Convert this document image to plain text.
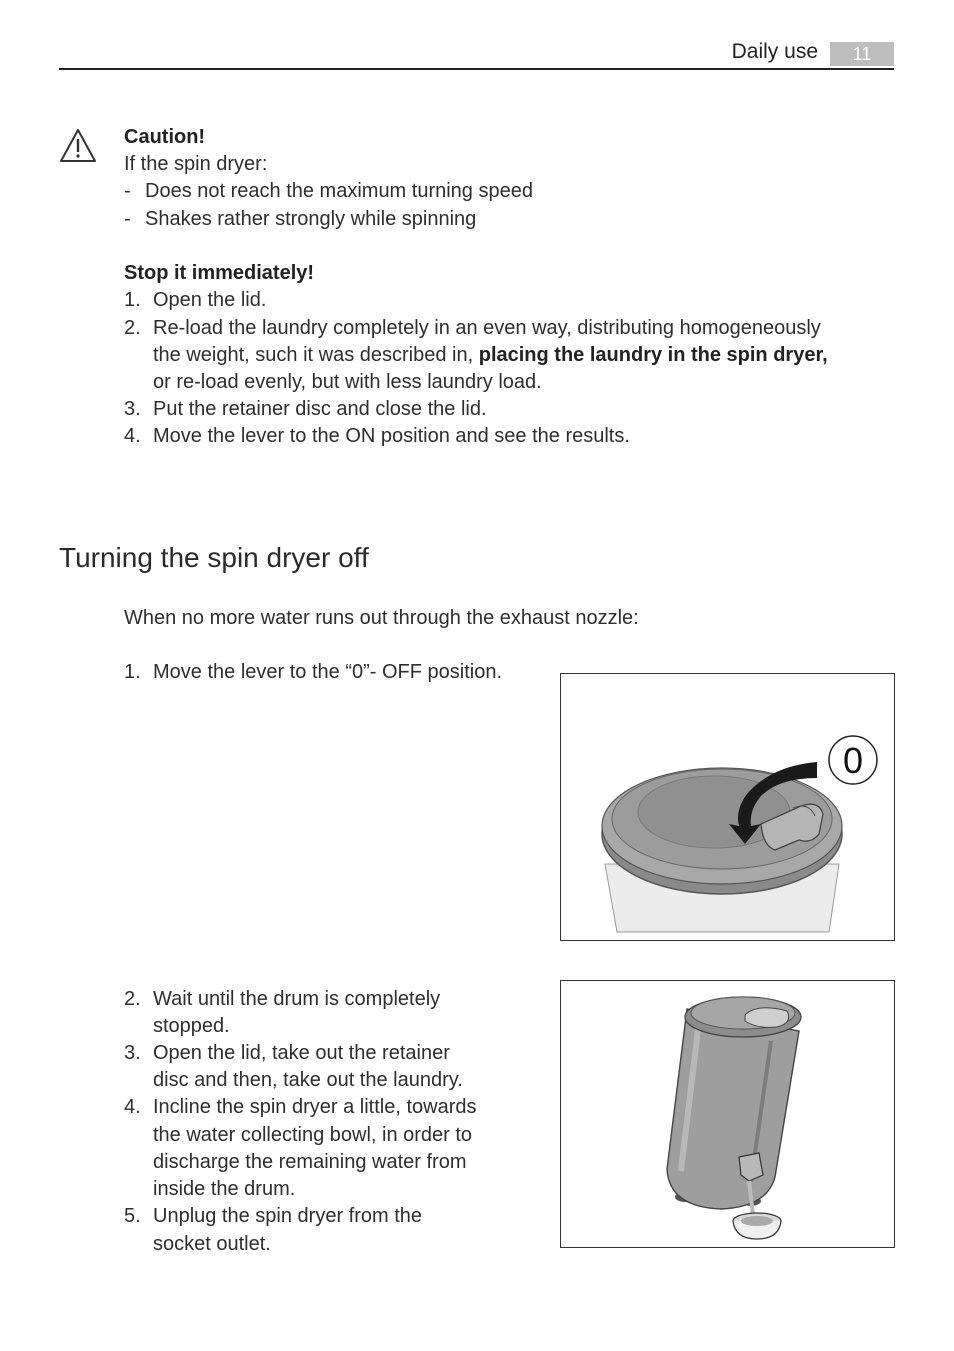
Daily use	11
Caution!
If the spin dryer:
- Does not reach the maximum turning speed
- Shakes rather strongly while spinning
Stop it immediately!
1. Open the lid.
2. Re-load the laundry completely in an even way, distributing homogeneously
the weight, such it was described in, placing the laundry in the spin dryer,
or re-load evenly, but with less laundry load.
3. Put the retainer disc and close the lid.
4. Move the lever to the ON position and see the results.
Turning the spin dryer off
When no more water runs out through the exhaust nozzle:
1. Move the lever to the “0”- OFF position.
0
2. Wait until the drum is completely
stopped.
3. Open the lid, take out the retainer
disc and then, take out the laundry.
4. Incline the spin dryer a little, towards
the water collecting bowl, in order to
discharge the remaining water from
inside the drum.
5. Unplug the spin dryer from the
socket outlet.
